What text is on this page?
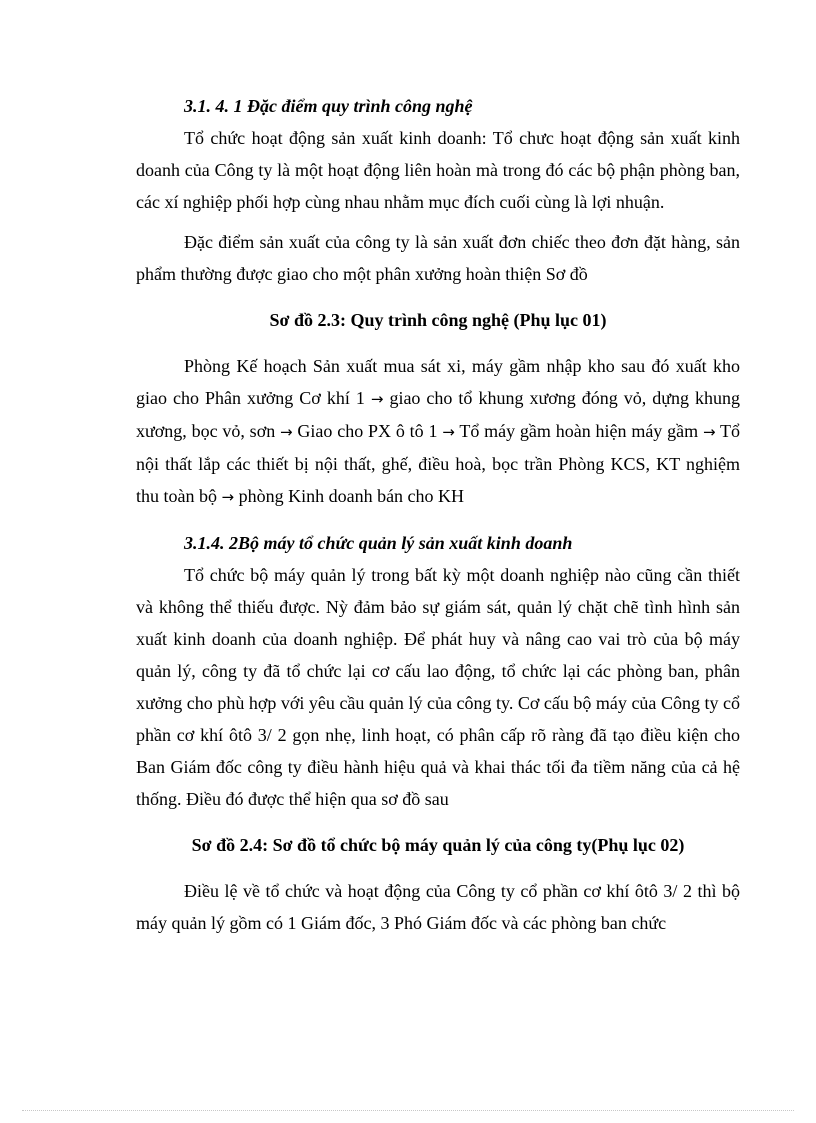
3.1. 4. 1 Đặc điểm quy trình công nghệ

Tổ chức hoạt động sản xuất kinh doanh: Tổ chưc hoạt động sản xuất kinh doanh của Công ty là một hoạt động liên hoàn mà trong đó các bộ phận phòng ban, các xí nghiệp phối hợp cùng nhau nhằm mục đích cuối cùng là lợi nhuận.

Đặc điểm sản xuất của công ty là sản xuất đơn chiếc theo đơn đặt hàng, sản phẩm thường được giao cho một phân xưởng hoàn thiện Sơ đồ

Sơ đồ 2.3: Quy trình công nghệ (Phụ lục 01)

Phòng Kế hoạch Sản xuất mua sát xi, máy gầm nhập kho sau đó xuất kho giao cho Phân xưởng Cơ khí 1 → giao cho tổ khung xương đóng vỏ, dựng khung xương, bọc vỏ, sơn → Giao cho PX ô tô 1 → Tổ máy gầm hoàn hiện máy gầm → Tổ nội thất lắp các thiết bị nội thất, ghế, điều hoà, bọc trần Phòng KCS, KT nghiệm thu toàn bộ → phòng Kinh doanh bán cho KH

3.1.4. 2Bộ máy tổ chức quản lý sản xuất kinh doanh

Tổ chức bộ máy quản lý trong bất kỳ một doanh nghiệp nào cũng cần thiết và không thể thiếu được. Nỳ đảm bảo sự giám sát, quản lý chặt chẽ tình hình sản xuất kinh doanh của doanh nghiệp. Để phát huy và nâng cao vai trò của bộ máy quản lý, công ty đã tổ chức lại cơ cấu lao động, tổ chức lại các phòng ban, phân xưởng cho phù hợp với yêu cầu quản lý của công ty. Cơ cấu bộ máy của Công ty cổ phần cơ khí ôtô 3/ 2 gọn nhẹ, linh hoạt, có phân cấp rõ ràng đã tạo điều kiện cho Ban Giám đốc công ty điều hành hiệu quả và khai thác tối đa tiềm năng của cả hệ thống. Điều đó được thể hiện qua sơ đồ sau

Sơ đồ 2.4: Sơ đồ tổ chức bộ máy quản lý của công ty(Phụ lục 02)

Điều lệ về tổ chức và hoạt động của Công ty cổ phần cơ khí ôtô 3/ 2 thì bộ máy quản lý gồm có 1 Giám đốc, 3 Phó Giám đốc và các phòng ban chức
